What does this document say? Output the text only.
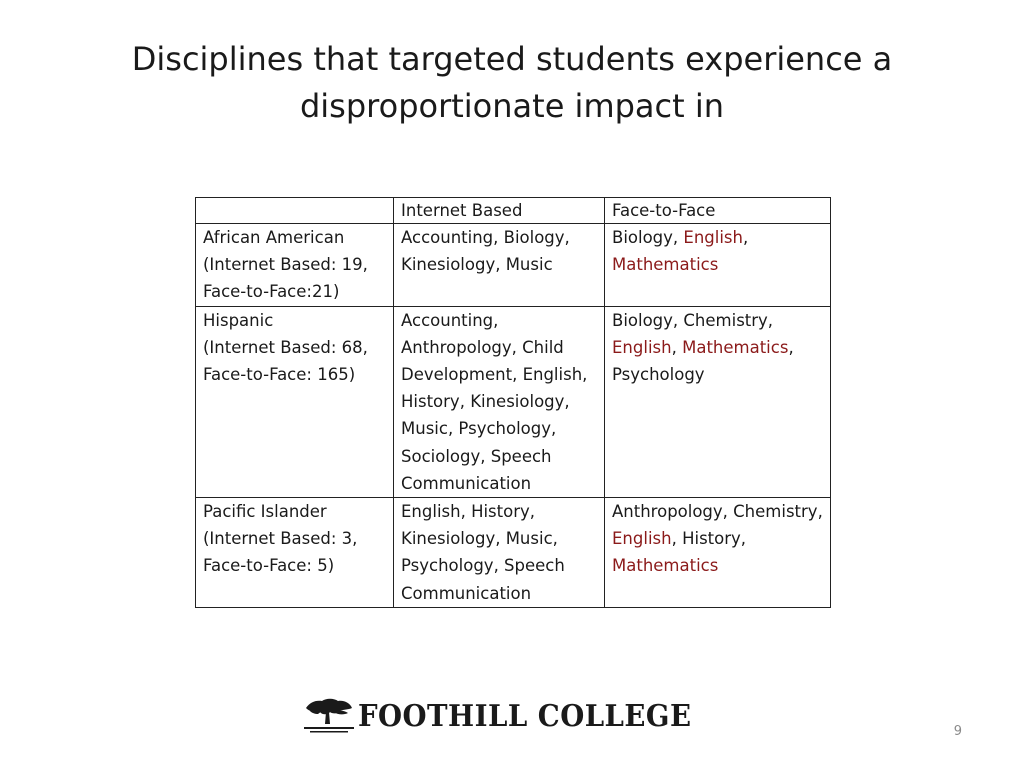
Disciplines that targeted students experience a
disproportionate impact in
	Internet Based	Face-to-Face

African American
(Internet Based: 19,
Face-to-Face:21)	Accounting, Biology, Kinesiology, Music	Biology, English, Mathematics

Hispanic
(Internet Based: 68,
Face-to-Face: 165)	Accounting, Anthropology, Child Development, English, History, Kinesiology, Music, Psychology, Sociology, Speech Communication	Biology, Chemistry, English, Mathematics, Psychology

Pacific Islander
(Internet Based: 3,
Face-to-Face: 5)	English, History, Kinesiology, Music, Psychology, Speech Communication	Anthropology, Chemistry, English, History, Mathematics
FOOTHILL COLLEGE	9
